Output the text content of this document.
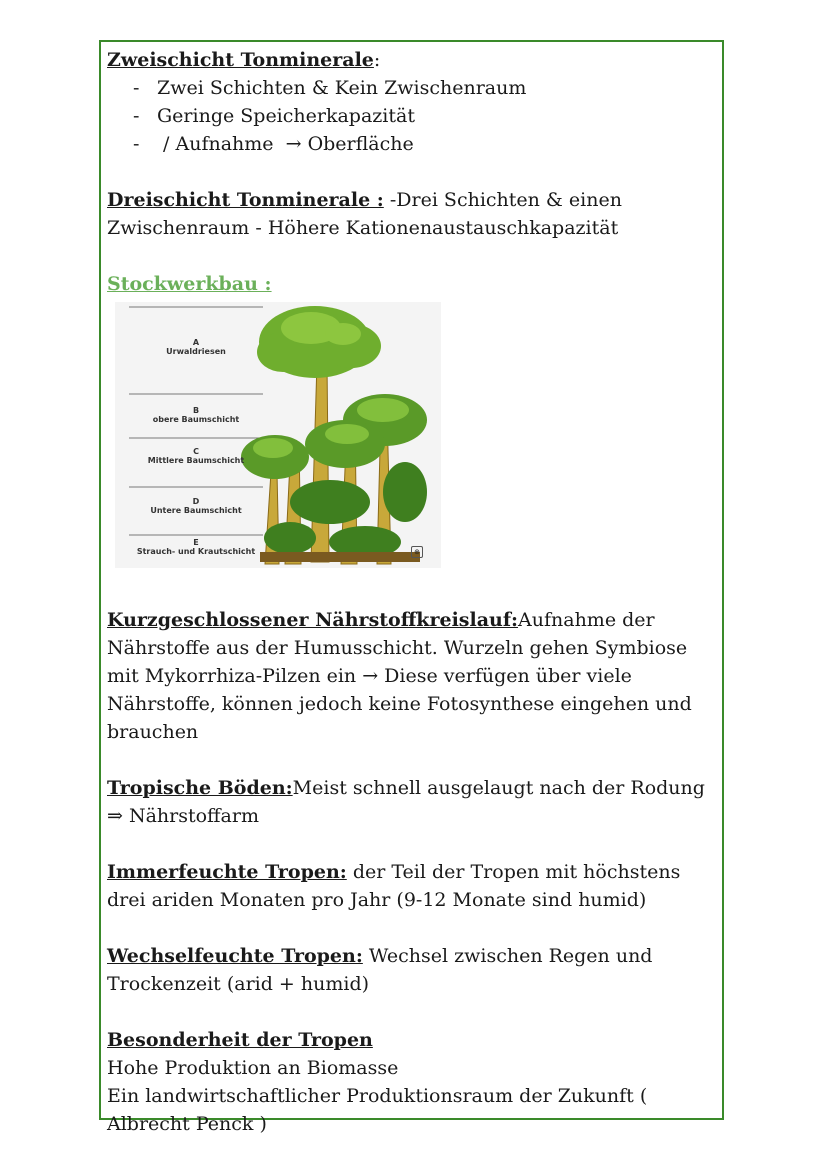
Zweischicht Tonminerale:

- Zwei Schichten & Kein Zwischenraum
- Geringe Speicherkapazität
-  / Aufnahme  → Oberfläche

Dreischicht Tonminerale : -Drei Schichten & einen Zwischenraum - Höhere Kationenaustauschkapazität

Stockwerkbau :

A
Urwaldriesen
B
obere Baumschicht
C
Mittlere Baumschicht
D
Untere Baumschicht
E
Strauch- und Krautschicht	⊕

Kurzgeschlossener Nährstoffkreislauf:Aufnahme der Nährstoffe aus der Humusschicht. Wurzeln gehen Symbiose mit Mykorrhiza-Pilzen ein → Diese verfügen über viele Nährstoffe, können jedoch keine Fotosynthese eingehen und brauchen

Tropische Böden:Meist schnell ausgelaugt nach der Rodung ⇒ Nährstoffarm

Immerfeuchte Tropen: der Teil der Tropen mit höchstens drei ariden Monaten pro Jahr (9-12 Monate sind humid)

Wechselfeuchte Tropen: Wechsel zwischen Regen und Trockenzeit (arid + humid)

Besonderheit der Tropen

Hohe Produktion an Biomasse

Ein landwirtschaftlicher Produktionsraum der Zukunft (

Albrecht Penck )
